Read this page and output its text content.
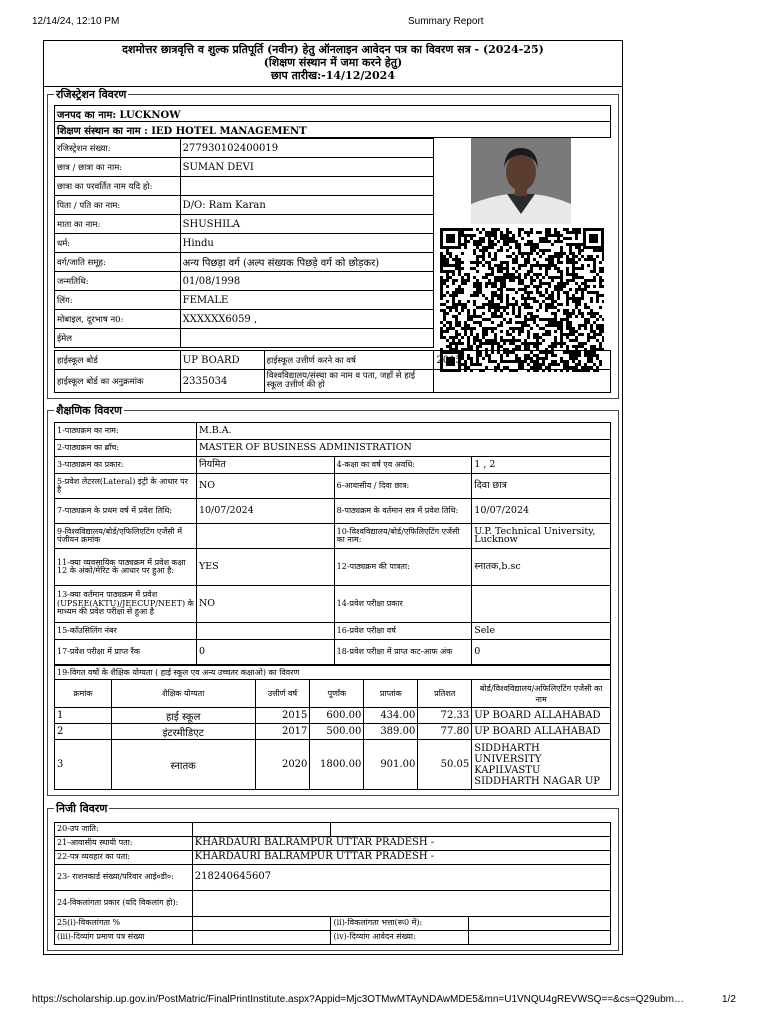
12/14/24, 12:10 PM	Summary Report
https://scholarship.up.gov.in/PostMatric/FinalPrintInstitute.aspx?Appid=Mjc3OTMwMTAyNDAwMDE5&mn=U1VNQU4gREVWSQ==&cs=Q29ubm…	1/2
दशमोत्तर छात्रवृत्ति व शुल्क प्रतिपूर्ति (नवीन) हेतु ऑनलाइन आवेदन पत्र का विवरण सत्र - (2024-25)
(शिक्षण संस्थान में जमा करने हेतु)
छाप तारीख:-14/12/2024
रजिस्ट्रेशन विवरण
जनपद का नाम: LUCKNOW
शिक्षण संस्थान का नाम : IED HOTEL MANAGEMENT
रजिस्ट्रेशन संख्या:	277930102400019
छात्र / छात्रा का नाम:	SUMAN DEVI
छात्रा का परवर्तित नाम यदि हो:	
पिता / पति का नाम:	D/O: Ram Karan
माता का नाम:	SHUSHILA
धर्म:	Hindu
वर्ग/जाति समूह:	अन्य पिछड़ा वर्ग (अल्प संख्यक पिछड़े वर्ग को छोड़कर)
जन्मतिथि:	01/08/1998
लिंग:	FEMALE
मोबाइल, दूरभाष न0:	XXXXXX6059 ,
ईमेल	
हाईस्कूल बोर्ड	UP BOARD	हाईस्कूल उत्तीर्ण करने का वर्ष	2015
हाईस्कूल बोर्ड का अनुक्रमांक	2335034	विश्वविद्यालय/संस्था का नाम व पता, जहाँ से हाई स्कूल उत्तीर्ण की हो	
शैक्षणिक विवरण
1-पाठ्यक्रम का नाम:	M.B.A.		
2-पाठ्यक्रम का ब्राँच:	MASTER OF BUSINESS ADMINISTRATION		
3-पाठ्यक्रम का प्रकार:	नियमित	4-कक्षा का वर्ष एव अवधि:	1 , 2
5-प्रवेश लेटरल(Lateral) इंट्री के आधार पर है	NO	6-आवासीय / दिवा छात्र:	दिवा छात्र
7-पाठ्यक्रम के प्रथम वर्ष में प्रवेश तिथि:	10/07/2024	8-पाठ्यक्रम के वर्तमान सत्र में प्रवेश तिथि:	10/07/2024
9-विश्वविद्यालय/बोर्ड/एफिलिएटिंग एजेंसी में पंजीयन क्रमांक		10-विश्वविद्यालय/बोर्ड/एफिलिएटिंग एजेंसी का नाम:	U.P. Technical University, Lucknow
11-क्या व्यवसायिक पाठ्यक्रम में प्रवेश कक्षा 12 के अंको/मेरिट के आधार पर हुआ है:	YES	12-पाठ्यक्रम की पात्रता:	स्नातक,b.sc
13-क्या वर्तमान पाठ्यक्रम में प्रवेश (UPSEE(AKTU)/JEECUP/NEET) के माध्यम की प्रवेश परीक्षा से हुआ है	NO	14-प्रवेश परीक्षा प्रकार	
15-काँउसिलिंग नंबर		16-प्रवेश परीक्षा वर्ष	Sele
17-प्रवेश परीक्षा में प्राप्त रैंक	0	18-प्रवेश परीक्षा में प्राप्त कट-आफ अंक	0
19-विगत वर्षो के शैक्षिक योग्यता ( हाई स्कूल एव अन्य उच्चतर कक्षाओ) का विवरण						
क्रमांक	शैक्षिक योग्यता	उत्तीर्ण वर्ष	पूर्णांक	प्राप्तांक	प्रतिशत	बोर्ड/विश्वविद्यालय/अफिलिएटिंग एजेंसी का नाम
1	हाई स्कूल	2015	600.00	434.00	72.33	UP BOARD ALLAHABAD
2	इंटरमीडिएट	2017	500.00	389.00	77.80	UP BOARD ALLAHABAD
3	स्नातक	2020	1800.00	901.00	50.05	SIDDHARTH UNIVERSITY KAPILVASTU SIDDHARTH NAGAR UP
निजी विवरण
20-उप जाति:			
21-आवासीय स्थायी पता:	KHARDAURI BALRAMPUR UTTAR PRADESH -		
22-पत्र व्यवहार का पता:	KHARDAURI BALRAMPUR UTTAR PRADESH -		
23- राशनकार्ड संख्या/परिवार आई०डी०:	218240645607		
24-विकलांगता प्रकार (यदि विकलांग हो):			
25(i)-विकलांगता %		(ii)-विकलांगता भत्ता(रू0 में):	
(iii)-दिव्यांग प्रमाण पत्र संख्या		(iv)-दिव्यांग आवेदन संख्या:	
